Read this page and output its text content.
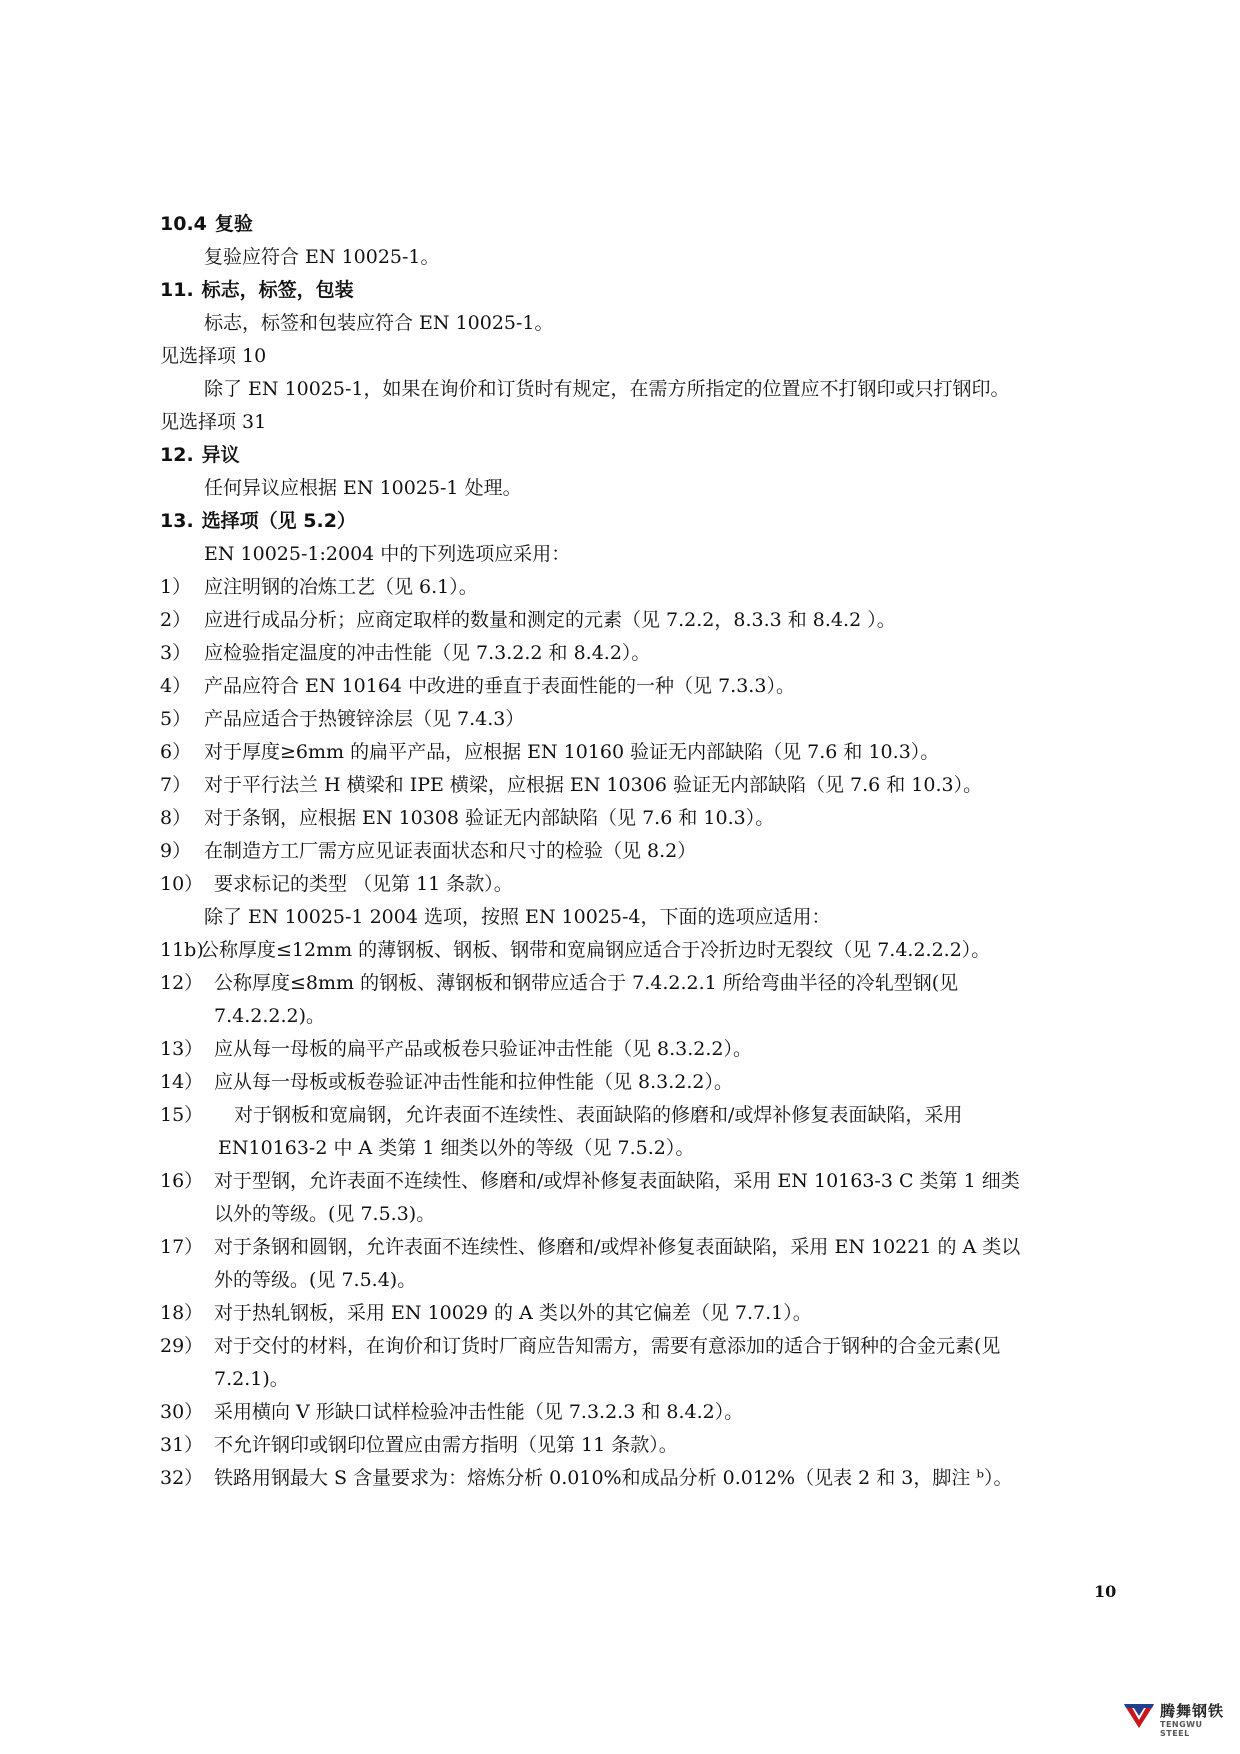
10.4 复验
复验应符合 EN 10025-1。
11. 标志，标签，包装
标志，标签和包装应符合 EN 10025-1。
见选择项 10
除了 EN 10025-1，如果在询价和订货时有规定，在需方所指定的位置应不打钢印或只打钢印。
见选择项 31
12. 异议
任何异议应根据 EN 10025-1 处理。
13. 选择项（见 5.2）
EN 10025-1:2004 中的下列选项应采用：
1） 应注明钢的冶炼工艺（见 6.1）。
2） 应进行成品分析；应商定取样的数量和测定的元素（见 7.2.2，8.3.3 和 8.4.2 ）。
3） 应检验指定温度的冲击性能（见 7.3.2.2 和 8.4.2）。
4） 产品应符合 EN 10164 中改进的垂直于表面性能的一种（见 7.3.3）。
5） 产品应适合于热镀锌涂层（见 7.4.3）
6） 对于厚度≥6mm 的扁平产品，应根据 EN 10160 验证无内部缺陷（见 7.6 和 10.3）。
7） 对于平行法兰 H 横梁和 IPE 横梁，应根据 EN 10306 验证无内部缺陷（见 7.6 和 10.3）。
8） 对于条钢，应根据 EN 10308 验证无内部缺陷（见 7.6 和 10.3）。
9） 在制造方工厂需方应见证表面状态和尺寸的检验（见 8.2）
10） 要求标记的类型 （见第 11 条款）。
除了 EN 10025-1 2004 选项，按照 EN 10025-4，下面的选项应适用：
11b)
公称厚度≤12mm 的薄钢板、钢板、钢带和宽扁钢应适合于冷折边时无裂纹（见 7.4.2.2.2）。
12） 公称厚度≤8mm 的钢板、薄钢板和钢带应适合于 7.4.2.2.1 所给弯曲半径的冷轧型钢(见
7.4.2.2.2)。
13） 应从每一母板的扁平产品或板卷只验证冲击性能（见 8.3.2.2）。
14） 应从每一母板或板卷验证冲击性能和拉伸性能（见 8.3.2.2）。
15） 对于钢板和宽扁钢，允许表面不连续性、表面缺陷的修磨和/或焊补修复表面缺陷，采用
EN10163-2 中 A 类第 1 细类以外的等级（见 7.5.2）。
16） 对于型钢，允许表面不连续性、修磨和/或焊补修复表面缺陷，采用 EN 10163-3 C 类第 1 细类
以外的等级。(见 7.5.3)。
17） 对于条钢和圆钢，允许表面不连续性、修磨和/或焊补修复表面缺陷，采用 EN 10221 的 A 类以
外的等级。(见 7.5.4)。
18） 对于热轧钢板，采用 EN 10029 的 A 类以外的其它偏差（见 7.7.1）。
29） 对于交付的材料，在询价和订货时厂商应告知需方，需要有意添加的适合于钢种的合金元素(见
7.2.1)。
30） 采用横向 V 形缺口试样检验冲击性能（见 7.3.2.3 和 8.4.2）。
31） 不允许钢印或钢印位置应由需方指明（见第 11 条款）。
32） 铁路用钢最大 S 含量要求为：熔炼分析 0.010%和成品分析 0.012%（见表 2 和 3，脚注 ᵇ）。
10
腾舞钢铁
TENGWU STEEL
